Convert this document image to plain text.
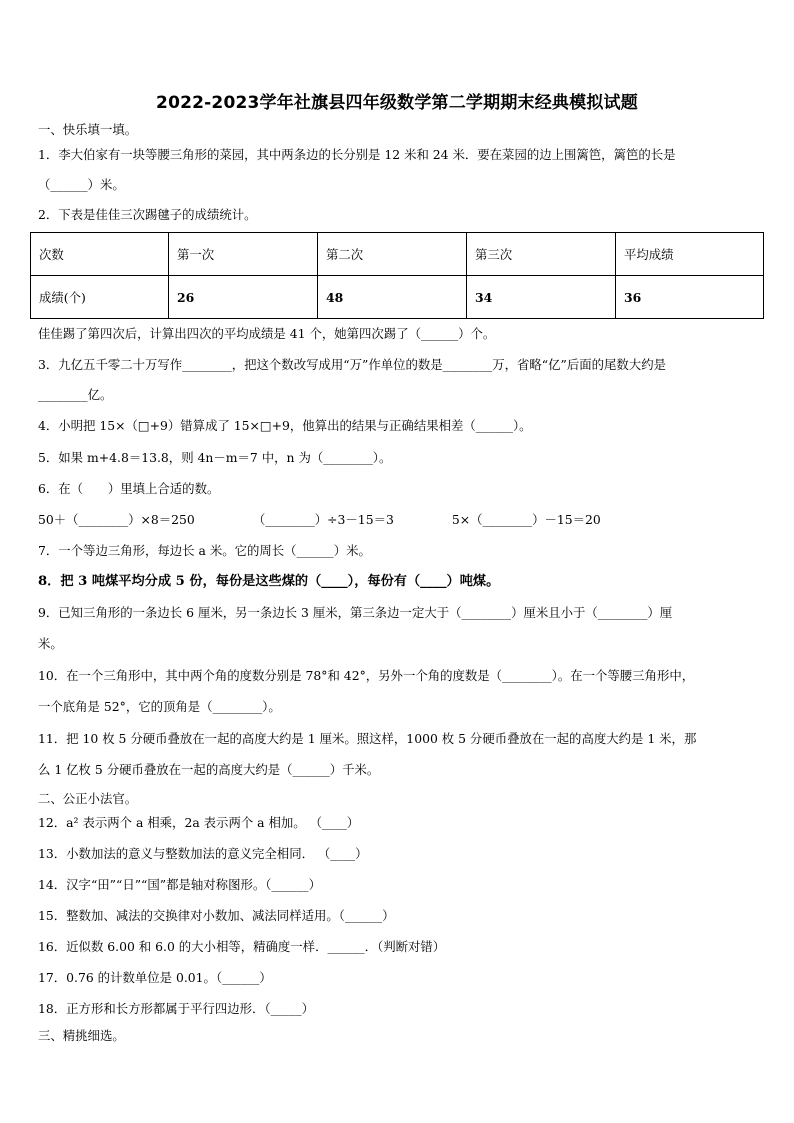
2022-2023学年社旗县四年级数学第二学期期末经典模拟试题
一、快乐填一填。
1．李大伯家有一块等腰三角形的菜园，其中两条边的长分别是 12 米和 24 米．要在菜园的边上围篱笆，篱笆的长是
（______）米。
2．下表是佳佳三次踢毽子的成绩统计。
次数	第一次	第二次	第三次	平均成绩
成绩(个)	26	48	34	36
佳佳踢了第四次后，计算出四次的平均成绩是 41 个，她第四次踢了（______）个。
3．九亿五千零二十万写作________，把这个数改写成用“万”作单位的数是________万，省略“亿”后面的尾数大约是
________亿。
4．小明把 15×（□+9）错算成了 15×□+9，他算出的结果与正确结果相差（______）。
5．如果 m+4.8＝13.8，则 4n－m＝7 中，n 为（________）。
6．在（　　）里填上合适的数。
50＋（________）×8＝250	（________）÷3－15＝3	5×（________）－15＝20
7．一个等边三角形，每边长 a 米。它的周长（______）米。
8．把 3 吨煤平均分成 5 份，每份是这些煤的（____），每份有（____）吨煤。
9．已知三角形的一条边长 6 厘米，另一条边长 3 厘米，第三条边一定大于（________）厘米且小于（________）厘
米。
10．在一个三角形中，其中两个角的度数分别是 78°和 42°，另外一个角的度数是（________）。在一个等腰三角形中，
一个底角是 52°，它的顶角是（________）。
11．把 10 枚 5 分硬币叠放在一起的高度大约是 1 厘米。照这样，1000 枚 5 分硬币叠放在一起的高度大约是 1 米，那
么 1 亿枚 5 分硬币叠放在一起的高度大约是（______）千米。
二、公正小法官。
12．a² 表示两个 a 相乘，2a 表示两个 a 相加。 （____）
13．小数加法的意义与整数加法的意义完全相同． （____）
14．汉字“田”“日”“国”都是轴对称图形。（______）
15．整数加、减法的交换律对小数加、减法同样适用。（______）
16．近似数 6.00 和 6.0 的大小相等，精确度一样．______．（判断对错）
17．0.76 的计数单位是 0.01。（______）
18．正方形和长方形都属于平行四边形．（_____）
三、精挑细选。
